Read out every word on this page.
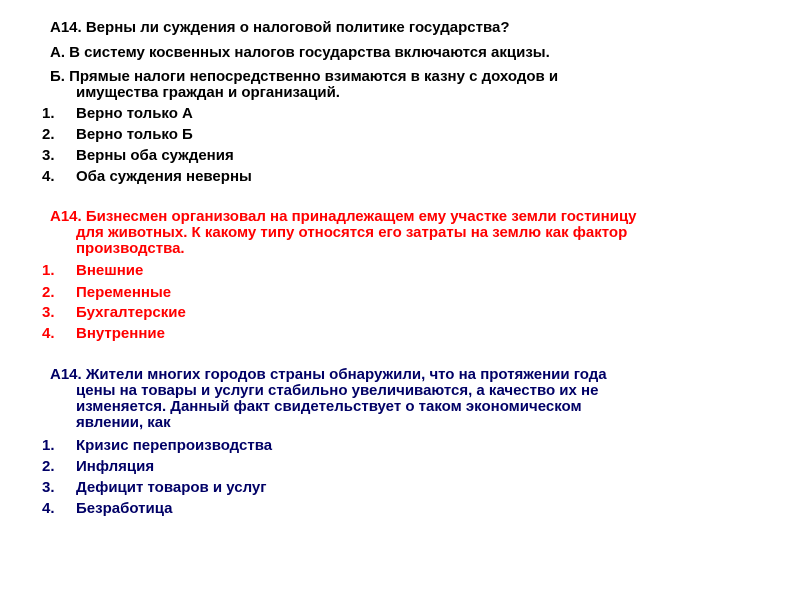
А14. Верны ли суждения о налоговой политике государства?
А. В систему косвенных налогов государства включаются акцизы.
Б. Прямые налоги непосредственно взимаются в казну с доходов и
имущества граждан и организаций.
1. Верно только А
2. Верно только Б
3. Верны оба суждения
4. Оба суждения неверны
А14. Бизнесмен организовал на принадлежащем ему участке земли гостиницу
для животных. К какому типу относятся его затраты на землю как фактор
производства.
1. Внешние
2. Переменные
3. Бухгалтерские
4. Внутренние
А14. Жители многих городов страны обнаружили, что на протяжении года
цены на товары и услуги стабильно увеличиваются, а качество их не
изменяется. Данный факт свидетельствует о таком экономическом
явлении, как
1. Кризис перепроизводства
2. Инфляция
3. Дефицит товаров и услуг
4. Безработица
